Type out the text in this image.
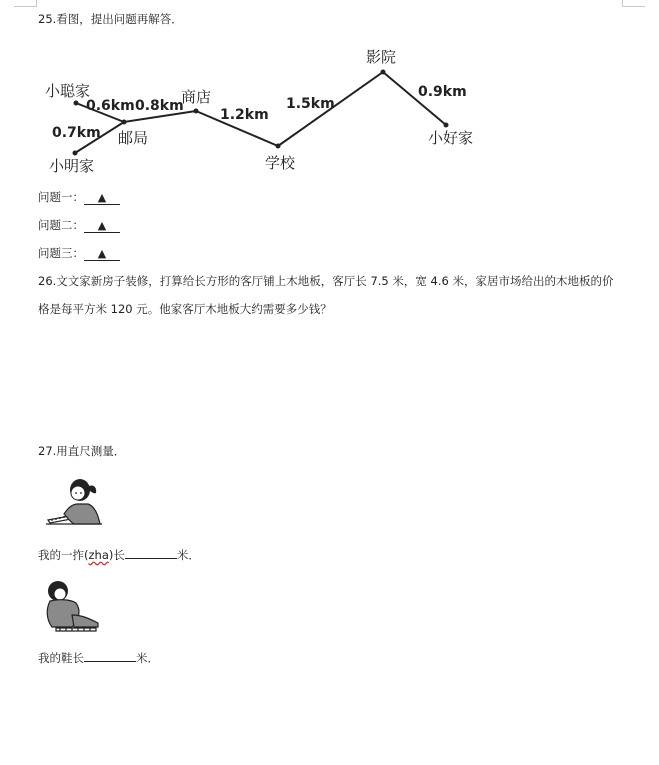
25.看图，提出问题再解答．
小聪家
小明家
邮局
商店
学校
影院
小好家
0.6km
0.7km
0.8km
1.2km
1.5km
0.9km
问题一： ▲
问题二： ▲
问题三： ▲
26.文文家新房子装修，打算给长方形的客厅铺上木地板，客厅长 7.5 米，宽 4.6 米，家居市场给出的木地板的价格是每平方米 120 元。他家客厅木地板大约需要多少钱？
27.用直尺测量．
我的一拃(zha)长	米．
我的鞋长	米．
